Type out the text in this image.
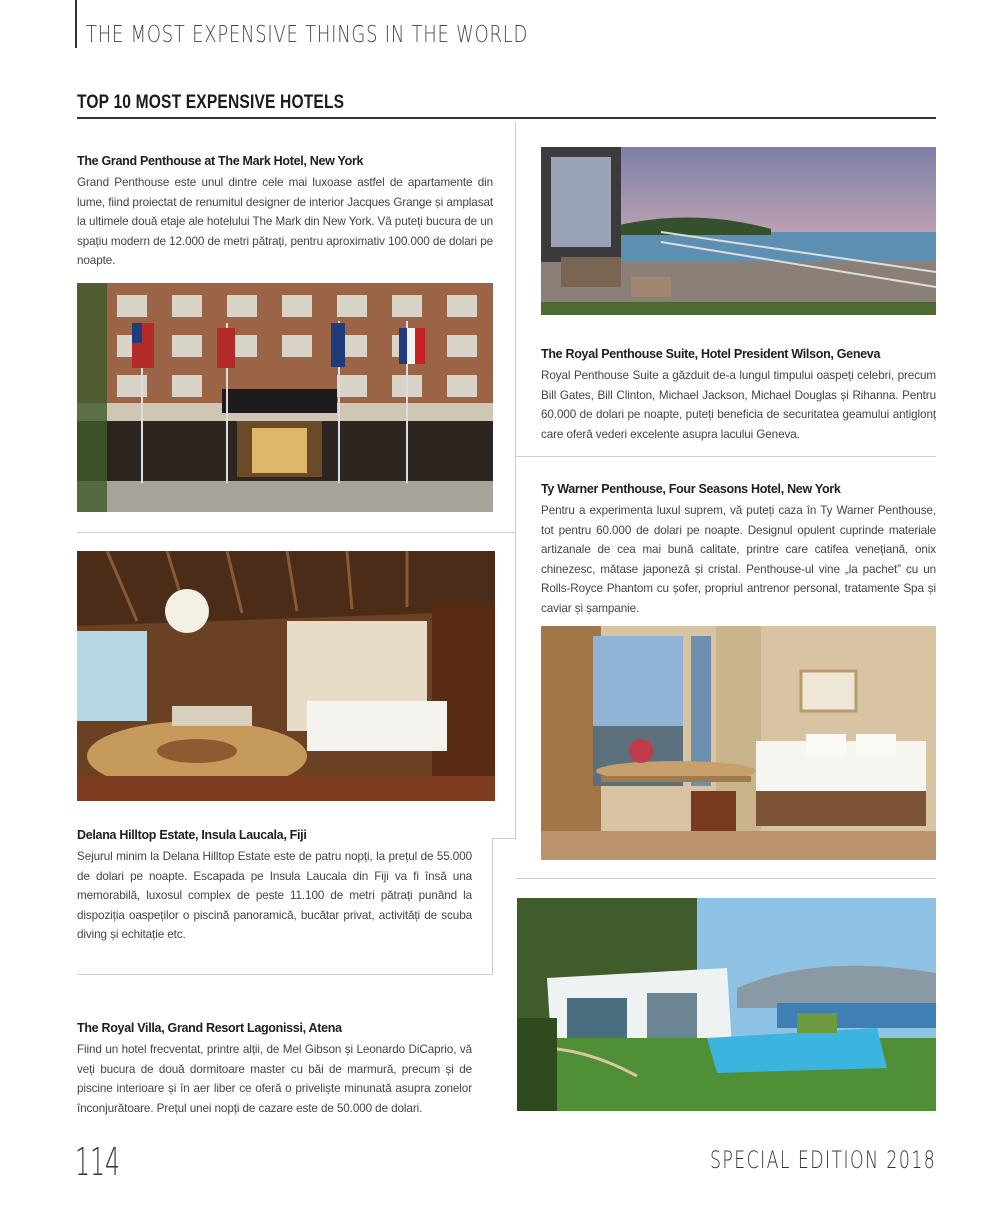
THE MOST EXPENSIVE THINGS IN THE WORLD
TOP 10 MOST EXPENSIVE HOTELS

The Grand Penthouse at The Mark Hotel, New York

Grand Penthouse este unul dintre cele mai luxoase astfel de apartamente din lume, fiind proiectat de renumitul designer de interior Jacques Grange și amplasat la ultimele două etaje ale hotelului The Mark din New York. Vă puteți bucura de un spațiu modern de 12.000 de metri pătrați, pentru aproximativ 100.000 de dolari pe noapte.

The Royal Penthouse Suite, Hotel President Wilson, Geneva

Royal Penthouse Suite a găzduit de-a lungul timpului oaspeți celebri, precum Bill Gates, Bill Clinton, Michael Jackson, Michael Douglas și Rihanna. Pentru 60.000 de dolari pe noapte, puteți beneficia de securitatea geamului antiglonț care oferă vederi excelente asupra lacului Geneva.

Ty Warner Penthouse, Four Seasons Hotel, New York

Pentru a experimenta luxul suprem, vă puteți caza în Ty Warner Penthouse, tot pentru 60.000 de dolari pe noapte. Designul opulent cuprinde materiale artizanale de cea mai bună calitate, printre care catifea venețiană, onix chinezesc, mătase japoneză și cristal. Penthouse-ul vine „la pachet” cu un Rolls-Royce Phantom cu șofer, propriul antrenor personal, tratamente Spa și caviar și șampanie.

Delana Hilltop Estate, Insula Laucala, Fiji

Sejurul minim la Delana Hilltop Estate este de patru nopți, la prețul de 55.000 de dolari pe noapte. Escapada pe Insula Laucala din Fiji va fi însă una memorabilă, luxosul complex de peste 11.100 de metri pătrați punând la dispoziția oaspeților o piscină panoramică, bucătar privat, activități de scuba diving și echitație etc.

The Royal Villa, Grand Resort Lagonissi, Atena

Fiind un hotel frecventat, printre alții, de Mel Gibson și Leonardo DiCaprio, vă veți bucura de două dormitoare master cu băi de marmură, precum și de piscine interioare și în aer liber ce oferă o priveliște minunată asupra zonelor înconjurătoare. Prețul unei nopți de cazare este de 50.000 de dolari.

114	SPECIAL EDITION 2018
